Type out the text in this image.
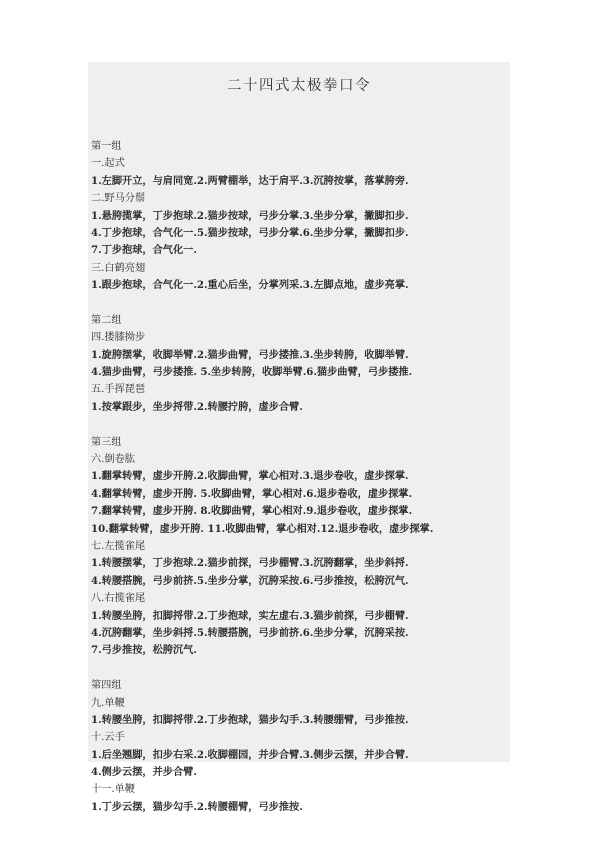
二十四式太极拳口令
第一组
一.起式
1.左脚开立，与肩同宽.2.两臂棚举，达于肩平.3.沉胯按掌，落掌胯旁.
二.野马分鬃
1.悬胯揽掌，丁步抱球.2.猫步按球，弓步分掌.3.坐步分掌，撇脚扣步.
4.丁步抱球，合气化一.5.猫步按球，弓步分掌.6.坐步分掌，撇脚扣步.
7.丁步抱球，合气化一.
三.白鹤亮翅
1.跟步抱球，合气化一.2.重心后坐，分掌列采.3.左脚点地，虚步亮掌.
第二组
四.搂膝拗步
1.旋胯摆掌，收脚举臂.2.猫步曲臂，弓步搂推.3.坐步转胯，收脚举臂.
4.猫步曲臂，弓步搂推. 5.坐步转胯，收脚举臂.6.猫步曲臂，弓步搂推.
五.手挥琵琶
1.按掌跟步，坐步捋带.2.转腰拧胯，虚步合臂.
第三组
六.倒卷肱
1.翻掌转臂，虚步开胯.2.收脚曲臂，掌心相对.3.退步卷收，虚步探掌.
4.翻掌转臂，虚步开胯. 5.收脚曲臂，掌心相对.6.退步卷收，虚步探掌.
7.翻掌转臂，虚步开胯. 8.收脚曲臂，掌心相对.9.退步卷收，虚步探掌.
10.翻掌转臂，虚步开胯. 11.收脚曲臂，掌心相对.12.退步卷收，虚步探掌.
七.左揽雀尾
1.转腰摆掌，丁步抱球.2.猫步前探，弓步棚臂.3.沉胯翻掌，坐步斜捋.
4.转腰搭腕，弓步前挤.5.坐步分掌，沉胯采按.6.弓步推按，松胯沉气.
八.右揽雀尾
1.转腰坐胯，扣脚捋带.2.丁步抱球，实左虚右.3.猫步前探，弓步棚臂.
4.沉胯翻掌，坐步斜捋.5.转腰搭腕，弓步前挤.6.坐步分掌，沉胯采按.
7.弓步推按，松胯沉气.
第四组
九.单鞭
1.转腰坐胯，扣脚捋带.2.丁步抱球，猫步勾手.3.转腰绷臂，弓步推按.
十.云手
1.后坐翘脚，扣步右采.2.收脚棚园，并步合臂.3.侧步云摆，并步合臂.
4.侧步云摆，并步合臂.
十一.单鞭
1.丁步云摆，猫步勾手.2.转腰棚臂，弓步推按.
